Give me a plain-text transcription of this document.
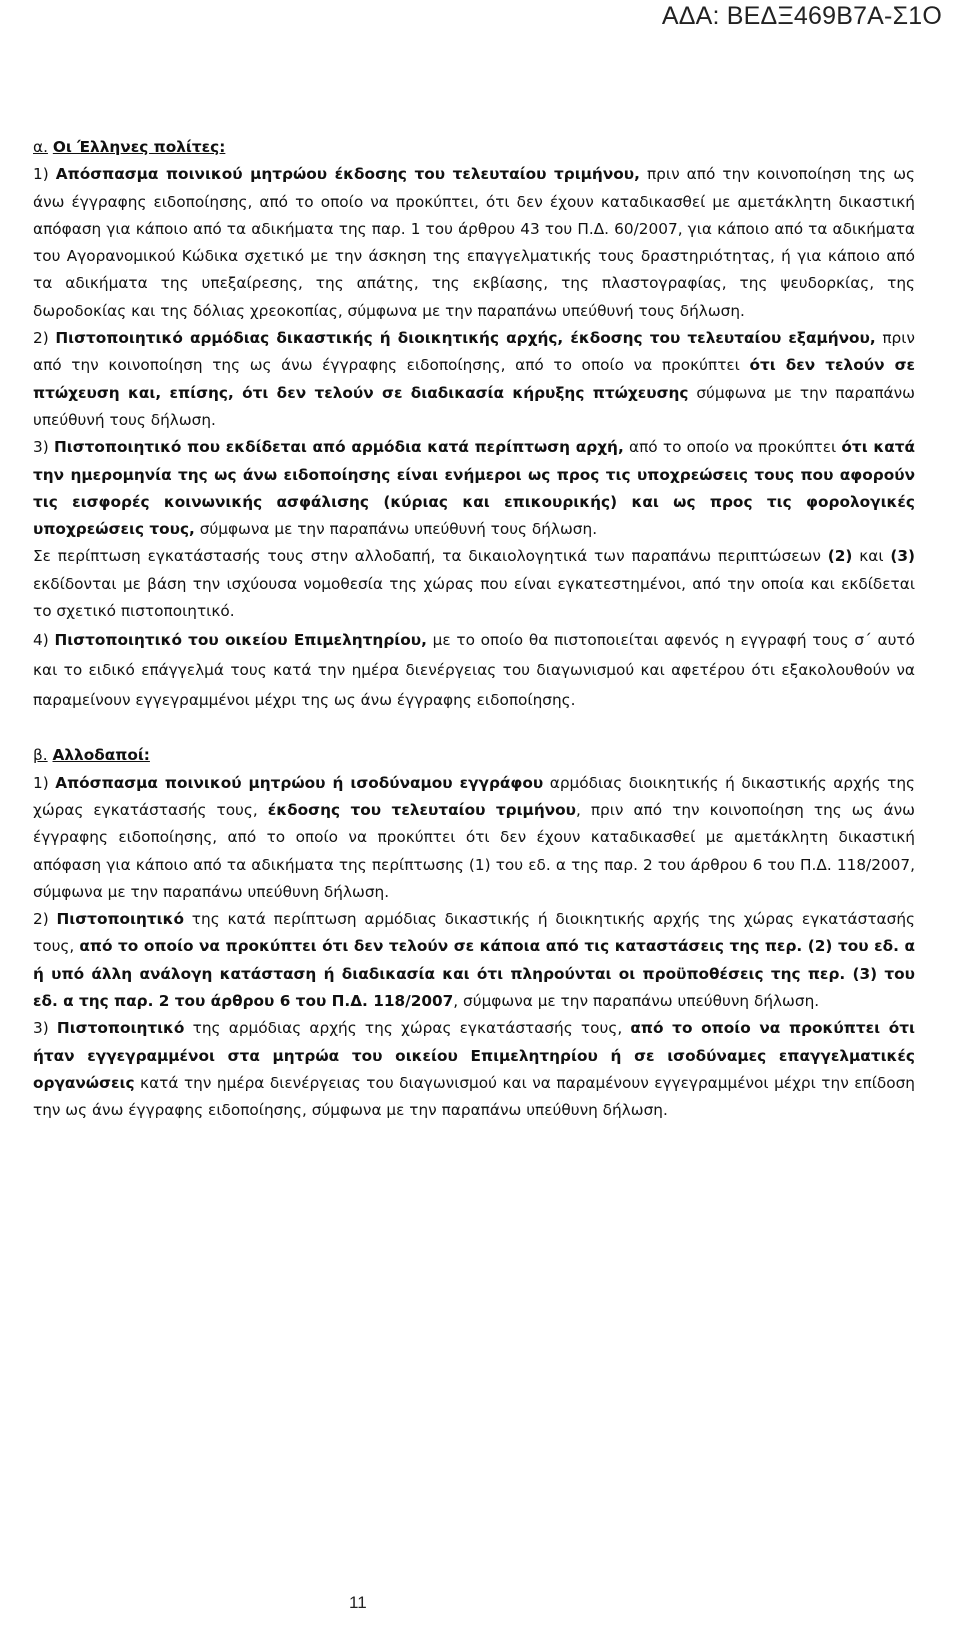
ΑΔΑ: ΒΕΔΞ469Β7Α-Σ1Ο

α. Οι Έλληνες πολίτες:

1) Απόσπασμα ποινικού μητρώου έκδοσης του τελευταίου τριμήνου, πριν από την κοινοποίηση της ως άνω έγγραφης ειδοποίησης, από το οποίο να προκύπτει, ότι δεν έχουν καταδικασθεί με αμετάκλητη δικαστική απόφαση για κάποιο από τα αδικήματα της παρ. 1 του άρθρου 43 του Π.Δ. 60/2007, για κάποιο από τα αδικήματα του Αγορανομικού Κώδικα σχετικό με την άσκηση της επαγγελματικής τους δραστηριότητας, ή για κάποιο από τα αδικήματα της υπεξαίρεσης, της απάτης, της εκβίασης, της πλαστογραφίας, της ψευδορκίας, της δωροδοκίας και της δόλιας χρεοκοπίας, σύμφωνα με την παραπάνω υπεύθυνή τους δήλωση.

2) Πιστοποιητικό αρμόδιας δικαστικής ή διοικητικής αρχής, έκδοσης του τελευταίου εξαμήνου, πριν από την κοινοποίηση της ως άνω έγγραφης ειδοποίησης, από το οποίο να προκύπτει ότι δεν τελούν σε πτώχευση και, επίσης, ότι δεν τελούν σε διαδικασία κήρυξης πτώχευσης σύμφωνα με την παραπάνω υπεύθυνή τους δήλωση.

3) Πιστοποιητικό που εκδίδεται από αρμόδια κατά περίπτωση αρχή, από το οποίο να προκύπτει ότι κατά την ημερομηνία της ως άνω ειδοποίησης είναι ενήμεροι ως προς τις υποχρεώσεις τους που αφορούν τις εισφορές κοινωνικής ασφάλισης (κύριας και επικουρικής) και ως προς τις φορολογικές υποχρεώσεις τους, σύμφωνα με την παραπάνω υπεύθυνή τους δήλωση.

Σε περίπτωση εγκατάστασής τους στην αλλοδαπή, τα δικαιολογητικά των παραπάνω περιπτώσεων (2) και (3) εκδίδονται με βάση την ισχύουσα νομοθεσία της χώρας που είναι εγκατεστημένοι, από την οποία και εκδίδεται το σχετικό πιστοποιητικό.

4) Πιστοποιητικό του οικείου Επιμελητηρίου, με το οποίο θα πιστοποιείται αφενός η εγγραφή τους σ΄ αυτό και το ειδικό επάγγελμά τους κατά την ημέρα διενέργειας του διαγωνισμού και αφετέρου ότι εξακολουθούν να παραμείνουν εγγεγραμμένοι μέχρι της ως άνω έγγραφης ειδοποίησης.

β. Αλλοδαποί:

1) Απόσπασμα ποινικού μητρώου ή ισοδύναμου εγγράφου αρμόδιας διοικητικής ή δικαστικής αρχής της χώρας εγκατάστασής τους, έκδοσης του τελευταίου τριμήνου, πριν από την κοινοποίηση της ως άνω έγγραφης ειδοποίησης, από το οποίο να προκύπτει ότι δεν έχουν καταδικασθεί με αμετάκλητη δικαστική απόφαση για κάποιο από τα αδικήματα της περίπτωσης (1) του εδ. α της παρ. 2 του άρθρου 6 του Π.Δ. 118/2007, σύμφωνα με την παραπάνω υπεύθυνη δήλωση.

2) Πιστοποιητικό της κατά περίπτωση αρμόδιας δικαστικής ή διοικητικής αρχής της χώρας εγκατάστασής τους, από το οποίο να προκύπτει ότι δεν τελούν σε κάποια από τις καταστάσεις της περ. (2) του εδ. α ή υπό άλλη ανάλογη κατάσταση ή διαδικασία και ότι πληρούνται οι προϋποθέσεις της περ. (3) του εδ. α της παρ. 2 του άρθρου 6 του Π.Δ. 118/2007, σύμφωνα με την παραπάνω υπεύθυνη δήλωση.

3) Πιστοποιητικό της αρμόδιας αρχής της χώρας εγκατάστασής τους, από το οποίο να προκύπτει ότι ήταν εγγεγραμμένοι στα μητρώα του οικείου Επιμελητηρίου ή σε ισοδύναμες επαγγελματικές οργανώσεις κατά την ημέρα διενέργειας του διαγωνισμού και να παραμένουν εγγεγραμμένοι μέχρι την επίδοση την ως άνω έγγραφης ειδοποίησης, σύμφωνα με την παραπάνω υπεύθυνη δήλωση.

11
